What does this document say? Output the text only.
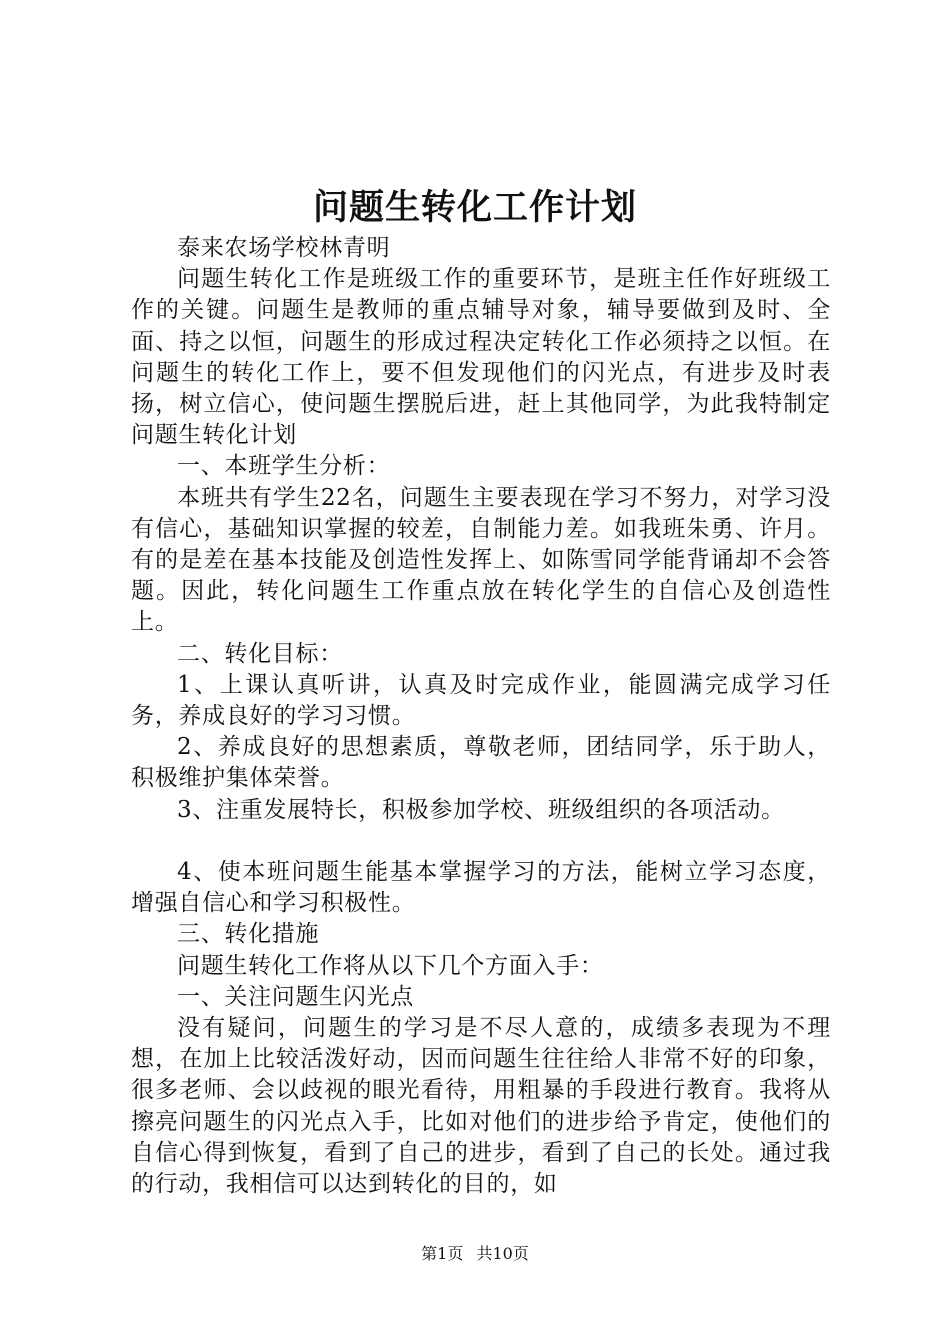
问题生转化工作计划

泰来农场学校林青明

问题生转化工作是班级工作的重要环节，是班主任作好班级工作的关键。问题生是教师的重点辅导对象，辅导要做到及时、全面、持之以恒，问题生的形成过程决定转化工作必须持之以恒。在问题生的转化工作上，要不但发现他们的闪光点，有进步及时表扬，树立信心，使问题生摆脱后进，赶上其他同学，为此我特制定问题生转化计划

一、本班学生分析：

本班共有学生22名，问题生主要表现在学习不努力，对学习没有信心，基础知识掌握的较差，自制能力差。如我班朱勇、许月。有的是差在基本技能及创造性发挥上、如陈雪同学能背诵却不会答题。因此，转化问题生工作重点放在转化学生的自信心及创造性上。

二、转化目标：

1、上课认真听讲，认真及时完成作业，能圆满完成学习任务，养成良好的学习习惯。

2、养成良好的思想素质，尊敬老师，团结同学，乐于助人，积极维护集体荣誉。

3、注重发展特长，积极参加学校、班级组织的各项活动。

4、使本班问题生能基本掌握学习的方法，能树立学习态度，增强自信心和学习积极性。

三、转化措施

问题生转化工作将从以下几个方面入手：

一、关注问题生闪光点

没有疑问，问题生的学习是不尽人意的，成绩多表现为不理想，在加上比较活泼好动，因而问题生往往给人非常不好的印象，很多老师、会以歧视的眼光看待，用粗暴的手段进行教育。我将从擦亮问题生的闪光点入手，比如对他们的进步给予肯定，使他们的自信心得到恢复，看到了自己的进步，看到了自己的长处。通过我的行动，我相信可以达到转化的目的，如

第1页 共10页
